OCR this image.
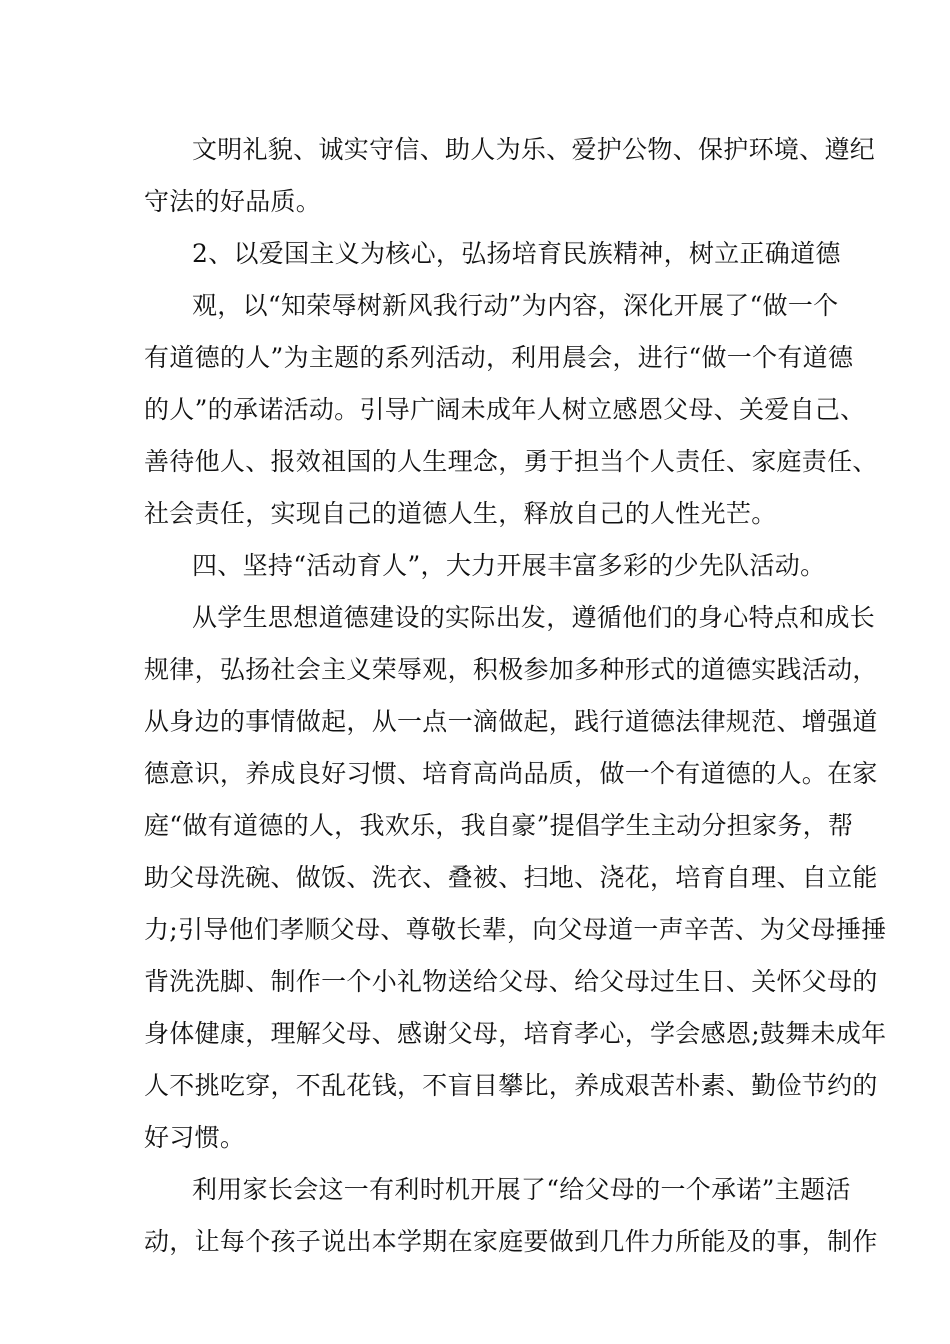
文明礼貌、诚实守信、助人为乐、爱护公物、保护环境、遵纪
守法的好品质。
2、以爱国主义为核心，弘扬培育民族精神，树立正确道德
观，以“知荣辱树新风我行动”为内容，深化开展了“做一个
有道德的人”为主题的系列活动，利用晨会，进行“做一个有道德
的人”的承诺活动。引导广阔未成年人树立感恩父母、关爱自己、
善待他人、报效祖国的人生理念，勇于担当个人责任、家庭责任、
社会责任，实现自己的道德人生，释放自己的人性光芒。
四、坚持“活动育人”，大力开展丰富多彩的少先队活动。
从学生思想道德建设的实际出发，遵循他们的身心特点和成长
规律，弘扬社会主义荣辱观，积极参加多种形式的道德实践活动，
从身边的事情做起，从一点一滴做起，践行道德法律规范、增强道
德意识，养成良好习惯、培育高尚品质，做一个有道德的人。在家
庭“做有道德的人，我欢乐，我自豪”提倡学生主动分担家务，帮
助父母洗碗、做饭、洗衣、叠被、扫地、浇花，培育自理、自立能
力;引导他们孝顺父母、尊敬长辈，向父母道一声辛苦、为父母捶捶
背洗洗脚、制作一个小礼物送给父母、给父母过生日、关怀父母的
身体健康，理解父母、感谢父母，培育孝心，学会感恩;鼓舞未成年
人不挑吃穿，不乱花钱，不盲目攀比，养成艰苦朴素、勤俭节约的
好习惯。
利用家长会这一有利时机开展了“给父母的一个承诺”主题活
动，让每个孩子说出本学期在家庭要做到几件力所能及的事，制作
